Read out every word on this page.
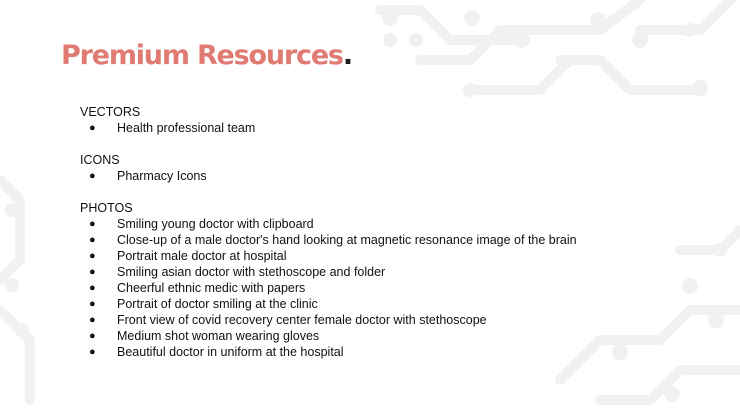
Premium Resources.
VECTORS
● Health professional team
ICONS
● Pharmacy Icons
PHOTOS
● Smiling young doctor with clipboard
● Close-up of a male doctor's hand looking at magnetic resonance image of the brain
● Portrait male doctor at hospital
● Smiling asian doctor with stethoscope and folder
● Cheerful ethnic medic with papers
● Portrait of doctor smiling at the clinic
● Front view of covid recovery center female doctor with stethoscope
● Medium shot woman wearing gloves
● Beautiful doctor in uniform at the hospital
